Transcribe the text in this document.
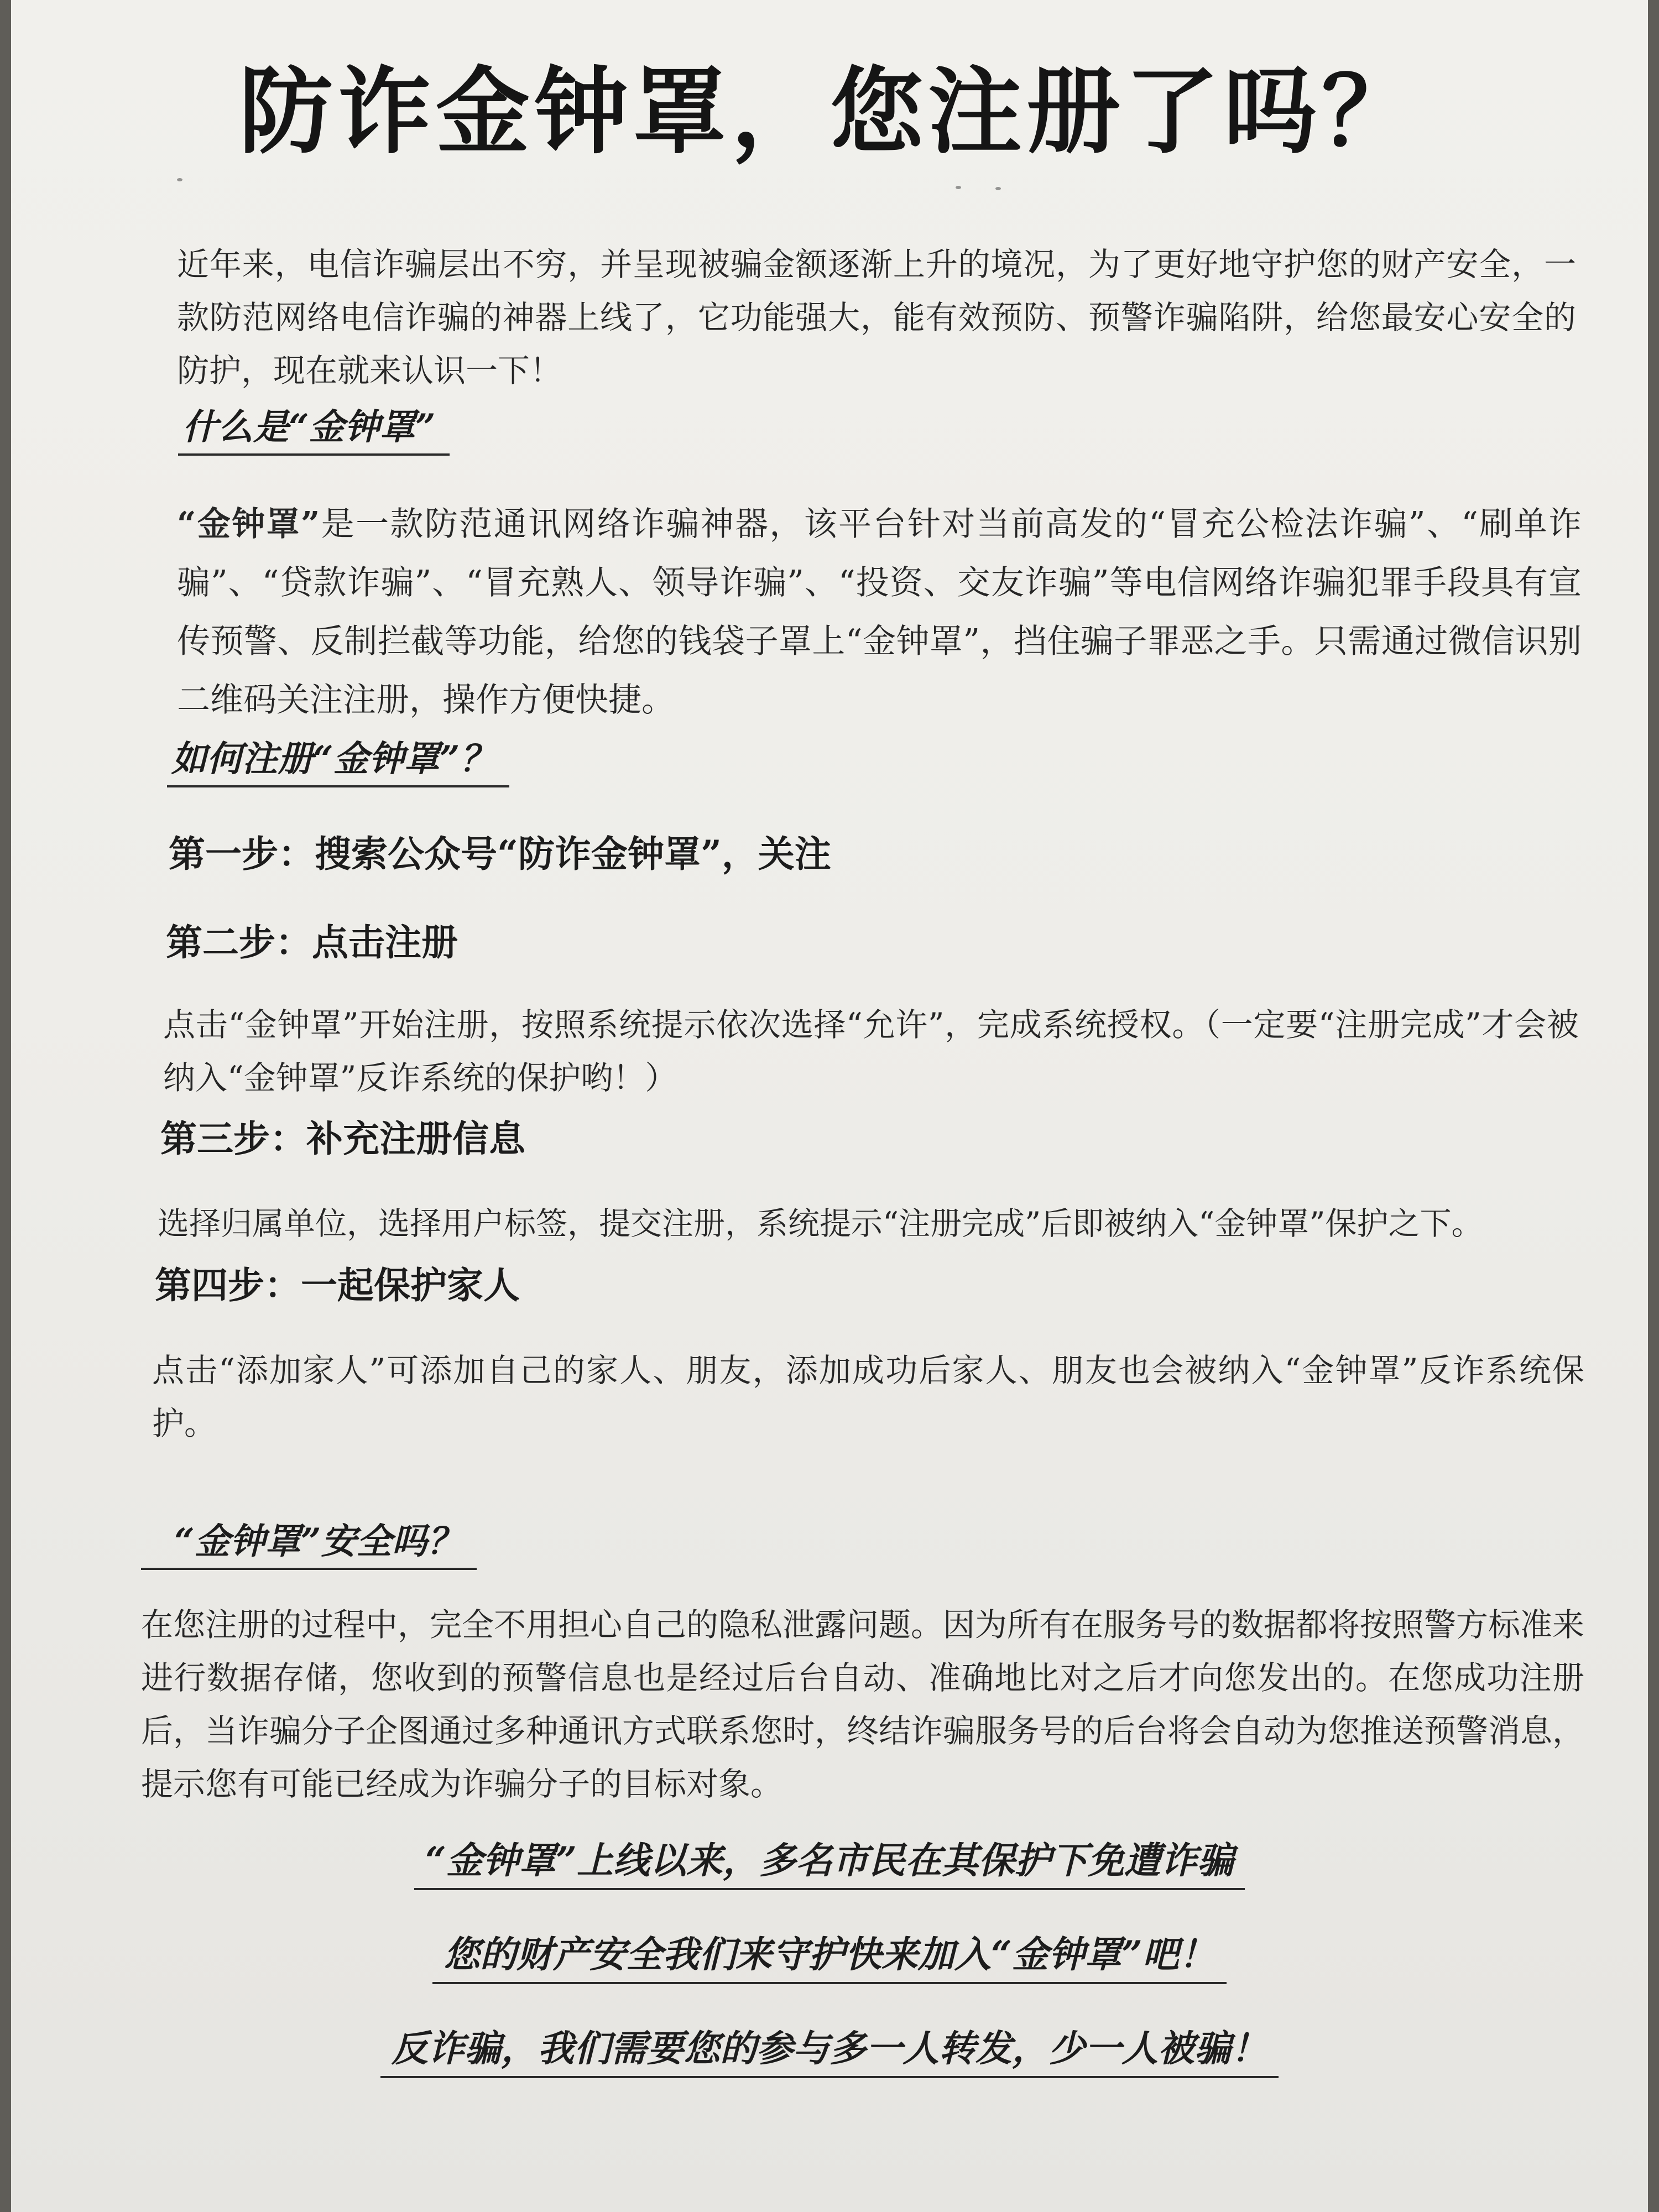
防诈金钟罩，您注册了吗？

近年来，电信诈骗层出不穷，并呈现被骗金额逐渐上升的境况，为了更好地守护您的财产安全，一款防范网络电信诈骗的神器上线了，它功能强大，能有效预防、预警诈骗陷阱，给您最安心安全的防护，现在就来认识一下！

什么是“金钟罩”

“金钟罩”是一款防范通讯网络诈骗神器，该平台针对当前高发的“冒充公检法诈骗”、“刷单诈骗”、“贷款诈骗”、“冒充熟人、领导诈骗”、“投资、交友诈骗”等电信网络诈骗犯罪手段具有宣传预警、反制拦截等功能，给您的钱袋子罩上“金钟罩”，挡住骗子罪恶之手。只需通过微信识别二维码关注注册，操作方便快捷。

如何注册“金钟罩”？
第一步：搜索公众号“防诈金钟罩”，关注
第二步：点击注册

点击“金钟罩”开始注册，按照系统提示依次选择“允许”，完成系统授权。（一定要“注册完成”才会被纳入“金钟罩”反诈系统的保护哟！）

第三步：补充注册信息

选择归属单位，选择用户标签，提交注册，系统提示“注册完成”后即被纳入“金钟罩”保护之下。

第四步：一起保护家人

点击“添加家人”可添加自己的家人、朋友，添加成功后家人、朋友也会被纳入“金钟罩”反诈系统保护。

“金钟罩”安全吗？

在您注册的过程中，完全不用担心自己的隐私泄露问题。因为所有在服务号的数据都将按照警方标准来进行数据存储，您收到的预警信息也是经过后台自动、准确地比对之后才向您发出的。在您成功注册后，当诈骗分子企图通过多种通讯方式联系您时，终结诈骗服务号的后台将会自动为您推送预警消息，提示您有可能已经成为诈骗分子的目标对象。

“金钟罩”上线以来，多名市民在其保护下免遭诈骗
您的财产安全我们来守护快来加入“金钟罩”吧！
反诈骗，我们需要您的参与多一人转发，少一人被骗！
